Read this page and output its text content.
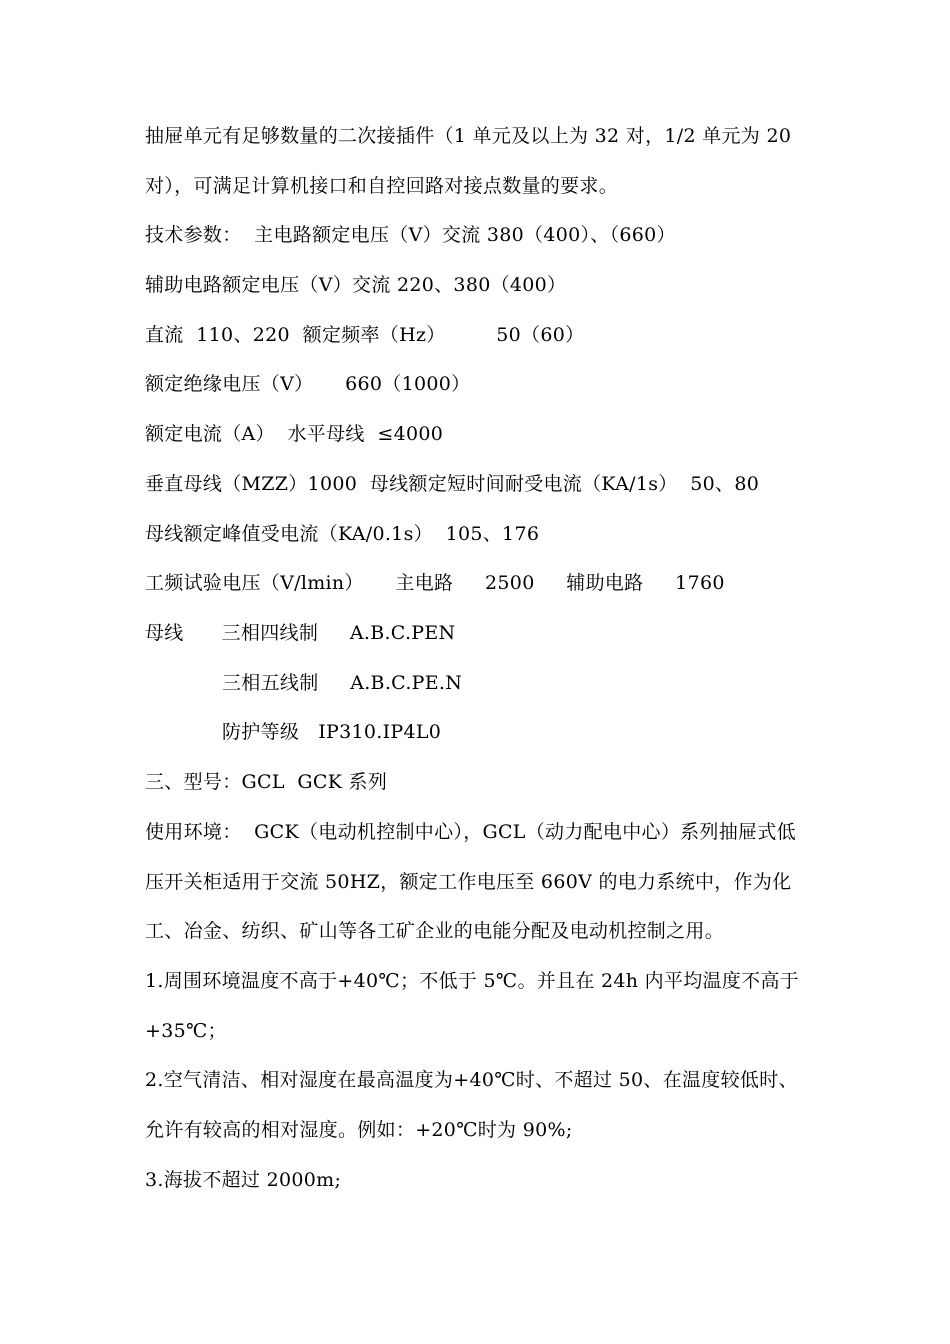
抽屉单元有足够数量的二次接插件（1 单元及以上为 32 对，1/2 单元为 20
对），可满足计算机接口和自控回路对接点数量的要求。
技术参数：  主电路额定电压（V）交流 380（400）、（660）
辅助电路额定电压（V）交流 220、380（400）
直流  110、220  额定频率（Hz）        50（60）
额定绝缘电压（V）     660（1000）
额定电流（A）  水平母线  ≤4000
垂直母线（MZZ）1000  母线额定短时间耐受电流（KA/1s）  50、80
母线额定峰值受电流（KA/0.1s）  105、176
工频试验电压（V/lmin）     主电路     2500     辅助电路     1760
母线      三相四线制     A.B.C.PEN
三相五线制     A.B.C.PE.N
防护等级   IP310.IP4L0
三、型号：GCL  GCK 系列
使用环境：  GCK（电动机控制中心），GCL（动力配电中心）系列抽屉式低
压开关柜适用于交流 50HZ，额定工作电压至 660V 的电力系统中，作为化
工、冶金、纺织、矿山等各工矿企业的电能分配及电动机控制之用。
1.周围环境温度不高于+40℃；不低于 5℃。并且在 24h 内平均温度不高于
+35℃；
2.空气清洁、相对湿度在最高温度为+40℃时、不超过 50、在温度较低时、
允许有较高的相对湿度。例如：+20℃时为 90%;
3.海拔不超过 2000m;
